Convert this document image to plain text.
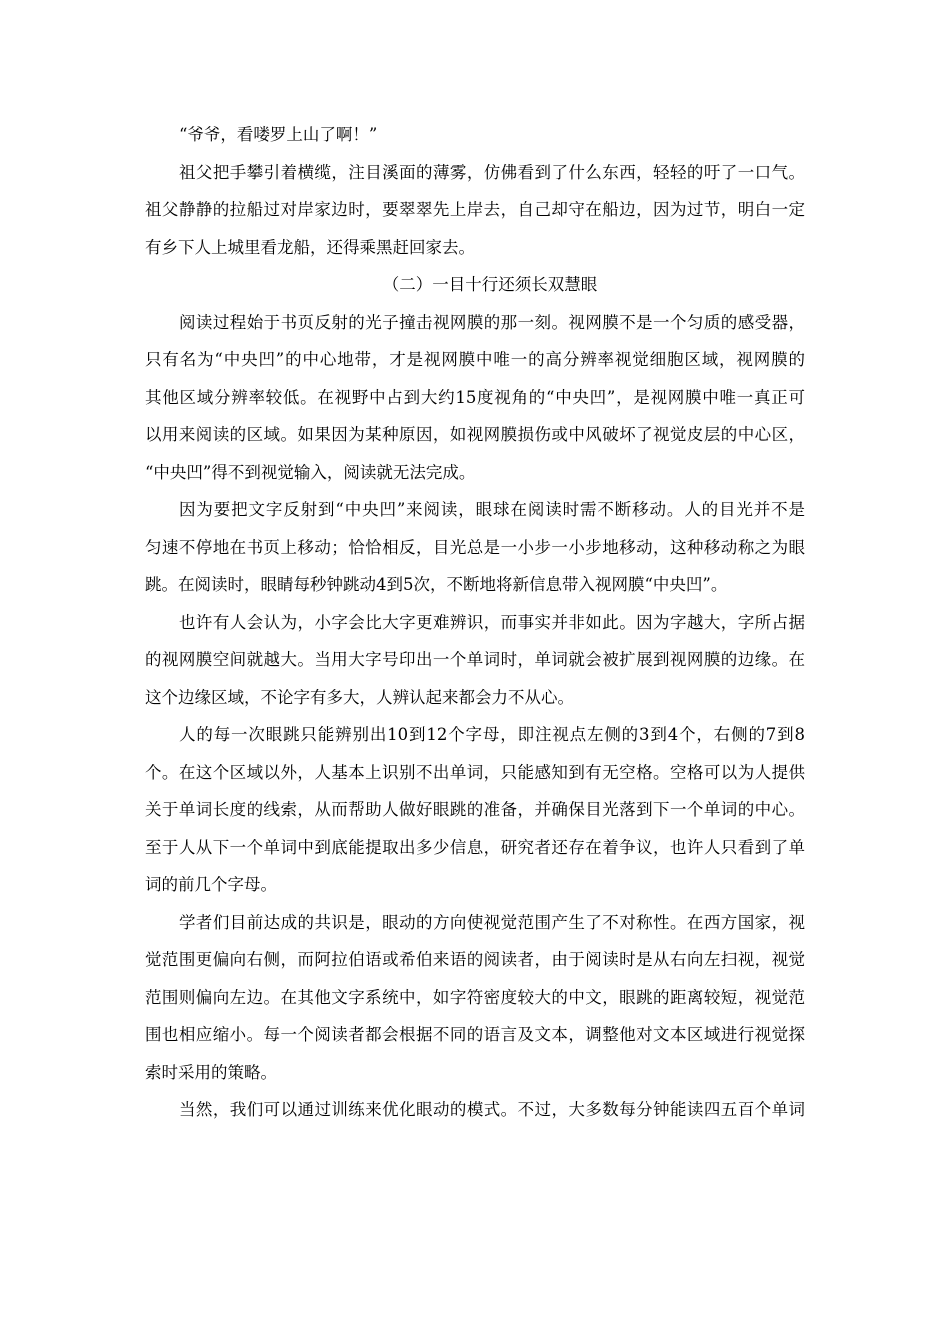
“爷爷，看喽罗上山了啊！”
祖父把手攀引着横缆，注目溪面的薄雾，仿佛看到了什么东西，轻轻的吁了一口气。
祖父静静的拉船过对岸家边时，要翠翠先上岸去，自己却守在船边，因为过节，明白一定
有乡下人上城里看龙船，还得乘黑赶回家去。
（二）一目十行还须长双慧眼
阅读过程始于书页反射的光子撞击视网膜的那一刻。视网膜不是一个匀质的感受器，
只有名为“中央凹”的中心地带，才是视网膜中唯一的高分辨率视觉细胞区域，视网膜的
其他区域分辨率较低。在视野中占到大约15度视角的“中央凹”，是视网膜中唯一真正可
以用来阅读的区域。如果因为某种原因，如视网膜损伤或中风破坏了视觉皮层的中心区，
“中央凹”得不到视觉输入，阅读就无法完成。
因为要把文字反射到“中央凹”来阅读，眼球在阅读时需不断移动。人的目光并不是
匀速不停地在书页上移动；恰恰相反，目光总是一小步一小步地移动，这种移动称之为眼
跳。在阅读时，眼睛每秒钟跳动4到5次，不断地将新信息带入视网膜“中央凹”。
也许有人会认为，小字会比大字更难辨识，而事实并非如此。因为字越大，字所占据
的视网膜空间就越大。当用大字号印出一个单词时，单词就会被扩展到视网膜的边缘。在
这个边缘区域，不论字有多大，人辨认起来都会力不从心。
人的每一次眼跳只能辨别出10到12个字母，即注视点左侧的3到4个，右侧的7到8
个。在这个区域以外，人基本上识别不出单词，只能感知到有无空格。空格可以为人提供
关于单词长度的线索，从而帮助人做好眼跳的准备，并确保目光落到下一个单词的中心。
至于人从下一个单词中到底能提取出多少信息，研究者还存在着争议，也许人只看到了单
词的前几个字母。
学者们目前达成的共识是，眼动的方向使视觉范围产生了不对称性。在西方国家，视
觉范围更偏向右侧，而阿拉伯语或希伯来语的阅读者，由于阅读时是从右向左扫视，视觉
范围则偏向左边。在其他文字系统中，如字符密度较大的中文，眼跳的距离较短，视觉范
围也相应缩小。每一个阅读者都会根据不同的语言及文本，调整他对文本区域进行视觉探
索时采用的策略。
当然，我们可以通过训练来优化眼动的模式。不过，大多数每分钟能读四五百个单词
